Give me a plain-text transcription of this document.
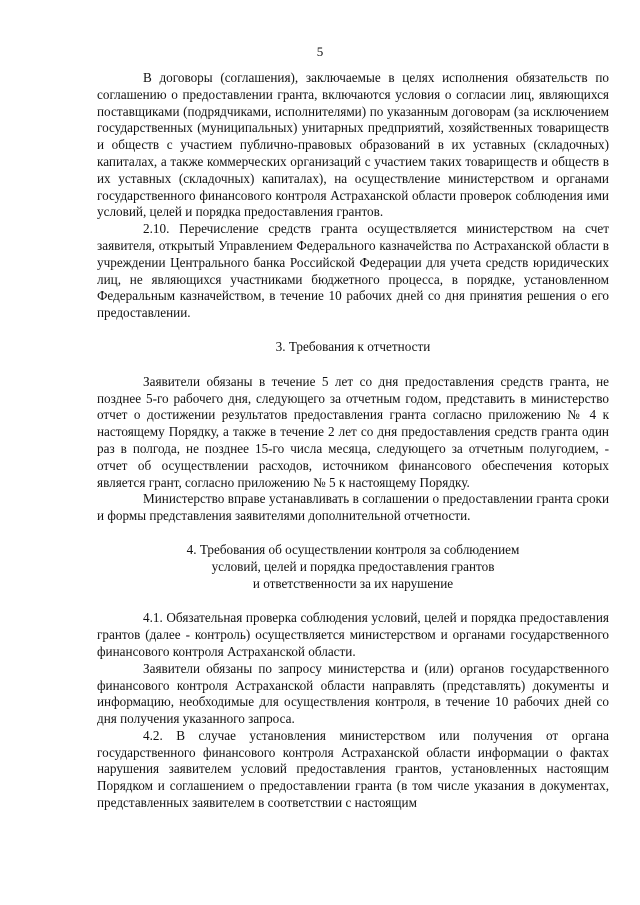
5

В договоры (соглашения), заключаемые в целях исполнения обязательств по соглашению о предоставлении гранта, включаются условия о согласии лиц, являющихся поставщиками (подрядчиками, исполнителями) по указанным договорам (за исключением государственных (муниципальных) унитарных предприятий, хозяйственных товариществ и обществ с участием публично-правовых образований в их уставных (складочных) капиталах, а также коммерческих организаций с участием таких товариществ и обществ в их уставных (складочных) капиталах), на осуществление министерством и органами государственного финансового контроля Астраханской области проверок соблюдения ими условий, целей и порядка предоставления грантов.

2.10. Перечисление средств гранта осуществляется министерством на счет заявителя, открытый Управлением Федерального казначейства по Астраханской области в учреждении Центрального банка Российской Федерации для учета средств юридических лиц, не являющихся участниками бюджетного процесса, в порядке, установленном Федеральным казначейством, в течение 10 рабочих дней со дня принятия решения о его предоставлении.

3. Требования к отчетности

Заявители обязаны в течение 5 лет со дня предоставления средств гранта, не позднее 5-го рабочего дня, следующего за отчетным годом, представить в министерство отчет о достижении результатов предоставления гранта согласно приложению № 4 к настоящему Порядку, а также в течение 2 лет со дня предоставления средств гранта один раз в полгода, не позднее 15-го числа месяца, следующего за отчетным полугодием, - отчет об осуществлении расходов, источником финансового обеспечения которых является грант, согласно приложению № 5 к настоящему Порядку.

Министерство вправе устанавливать в соглашении о предоставлении гранта сроки и формы представления заявителями дополнительной отчетности.

4. Требования об осуществлении контроля за соблюдением
условий, целей и порядка предоставления грантов
и ответственности за их нарушение

4.1. Обязательная проверка соблюдения условий, целей и порядка предоставления грантов (далее - контроль) осуществляется министерством и органами государственного финансового контроля Астраханской области.

Заявители обязаны по запросу министерства и (или) органов государственного финансового контроля Астраханской области направлять (представлять) документы и информацию, необходимые для осуществления контроля, в течение 10 рабочих дней со дня получения указанного запроса.

4.2. В случае установления министерством или получения от органа государственного финансового контроля Астраханской области информации о фактах нарушения заявителем условий предоставления грантов, установленных настоящим Порядком и соглашением о предоставлении гранта (в том числе указания в документах, представленных заявителем в соответствии с настоящим
